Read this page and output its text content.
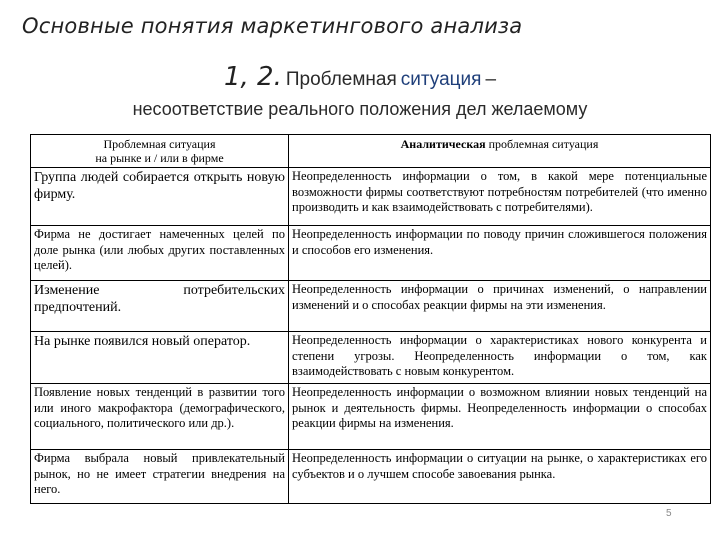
Основные понятия маркетингового анализа
1, 2. Проблемная ситуация –
несоответствие реального положения дел желаемому
Проблемная ситуация
на рынке и / или в фирме	Аналитическая проблемная ситуация
Группа людей собирается открыть новую фирму.	Неопределенность информации о том, в какой мере потенциальные возможности фирмы соответствуют потребностям потребителей (что именно производить и как взаимодействовать с потребителями).
Фирма не достигает намеченных целей по доле рынка (или любых других поставленных целей).	Неопределенность информации по поводу причин сложившегося положения и способов его изменения.
Изменение потребительских предпочтений.	Неопределенность информации о причинах изменений, о направлении изменений и о способах реакции фирмы на эти изменения.
На рынке появился новый оператор.	Неопределенность информации о характеристиках нового конкурента и степени угрозы. Неопределенность информации о том, как взаимодействовать с новым конкурентом.
Появление новых тенденций в развитии того или иного макрофактора (демографического, социального, политического или др.).	Неопределенность информации о возможном влиянии новых тенденций на рынок и деятельность фирмы. Неопределенность информации о способах реакции фирмы на изменения.
Фирма выбрала новый привлекательный рынок, но не имеет стратегии внедрения на него.	Неопределенность информации о ситуации на рынке, о характеристиках его субъектов и о лучшем способе завоевания рынка.
5
